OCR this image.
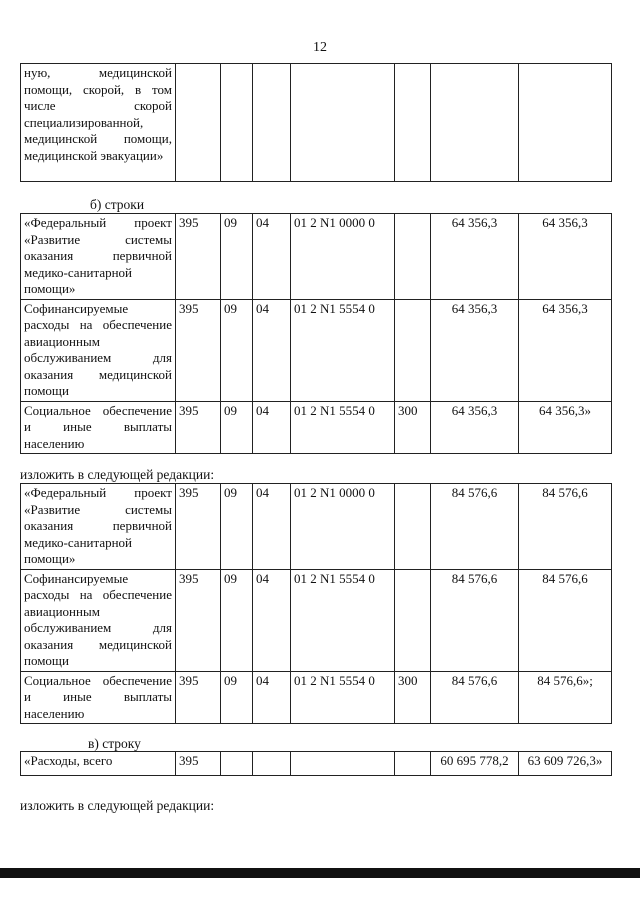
12
ную, медицинской помощи, скорой, в том числе скорой специализированной, медицинской помощи, медицинской эвакуации»							
б) строки
«Федеральный проект «Развитие системы оказания первичной медико-санитарной помощи»	395	09	04	01 2 N1 0000 0		64 356,3	64 356,3
Софинансируемые расходы на обеспечение авиационным обслуживанием для оказания медицинской помощи	395	09	04	01 2 N1 5554 0		64 356,3	64 356,3
Социальное обеспечение и иные выплаты населению	395	09	04	01 2 N1 5554 0	300	64 356,3	64 356,3»
изложить в следующей редакции:
«Федеральный проект «Развитие системы оказания первичной медико-санитарной помощи»	395	09	04	01 2 N1 0000 0		84 576,6	84 576,6
Софинансируемые расходы на обеспечение авиационным обслуживанием для оказания медицинской помощи	395	09	04	01 2 N1 5554 0		84 576,6	84 576,6
Социальное обеспечение и иные выплаты населению	395	09	04	01 2 N1 5554 0	300	84 576,6	84 576,6»;
в) строку
«Расходы, всего	395					60 695 778,2	63 609 726,3»
изложить в следующей редакции:
